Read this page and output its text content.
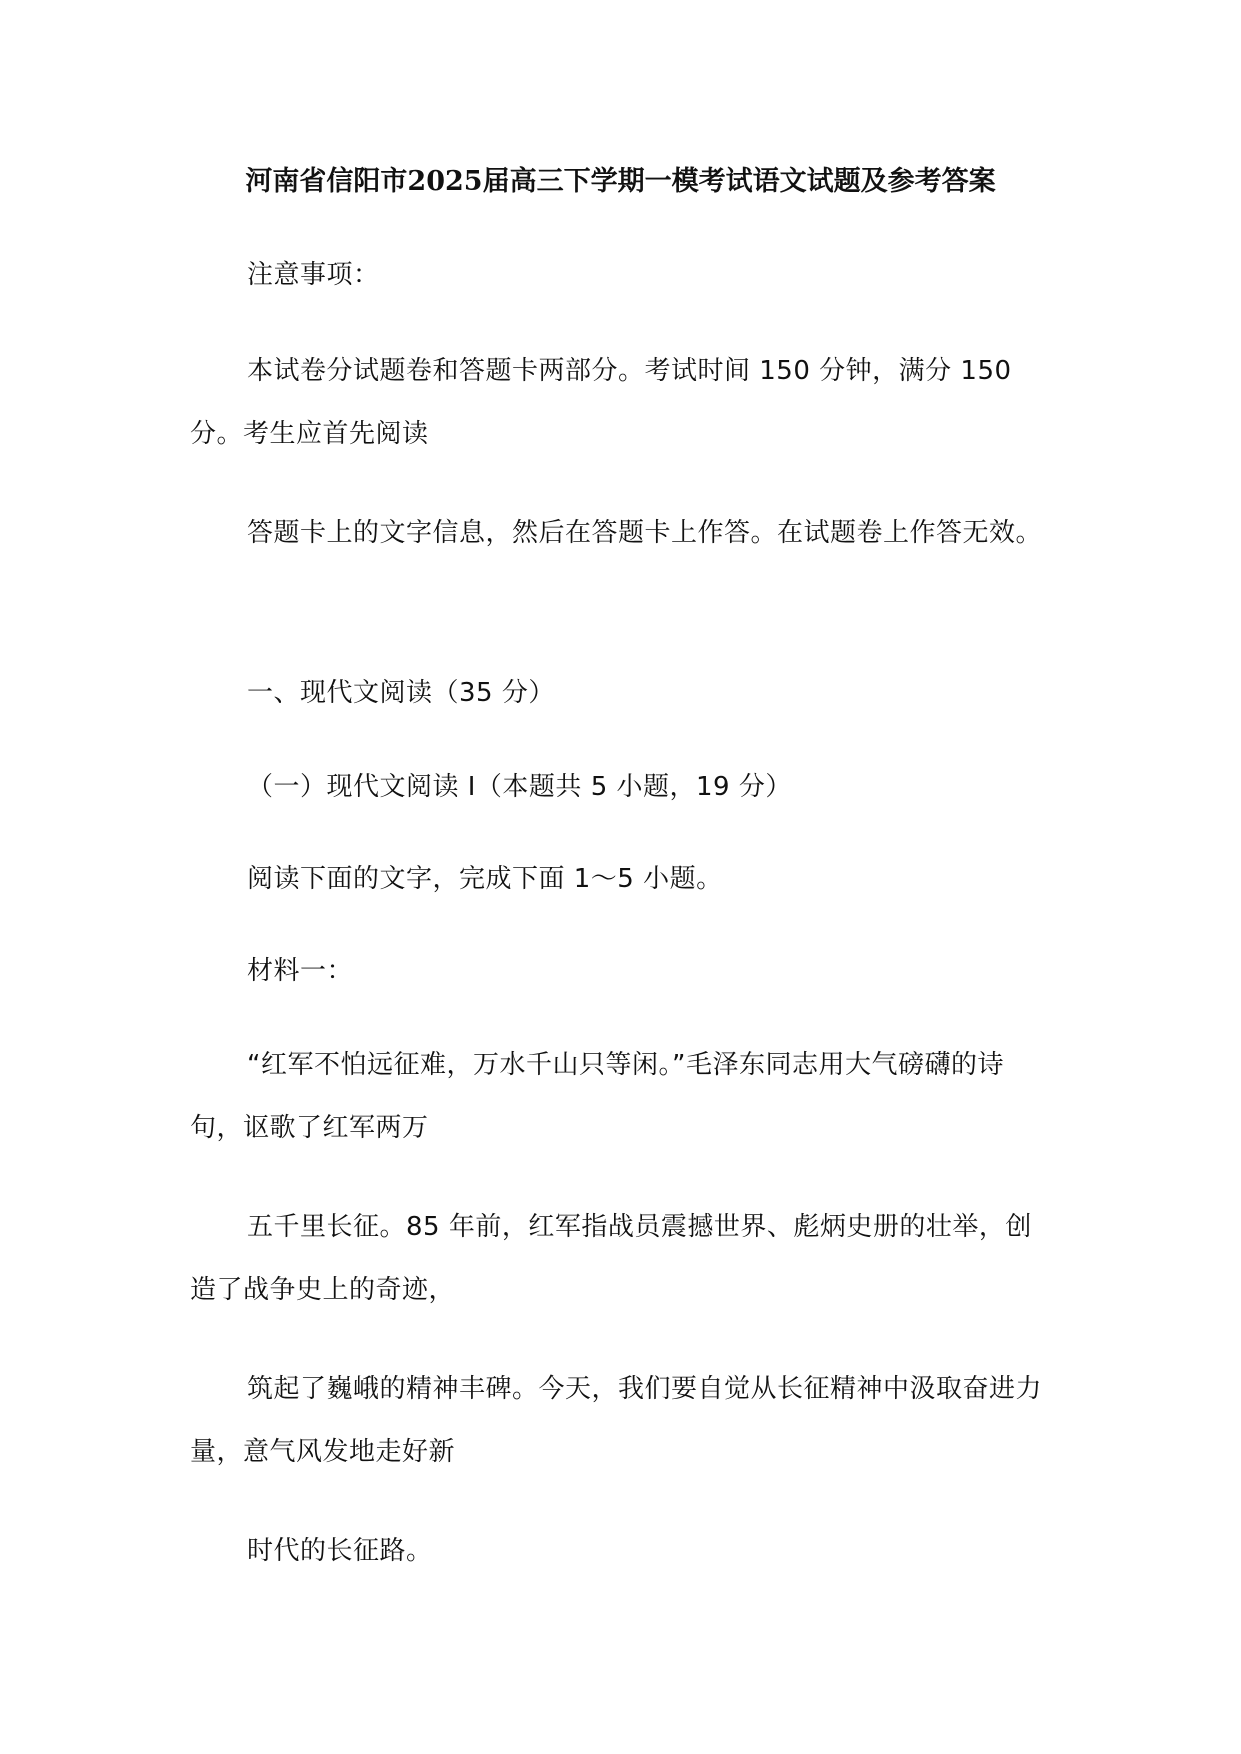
河南省信阳市2025届高三下学期一模考试语文试题及参考答案
注意事项：
本试卷分试题卷和答题卡两部分。考试时间 150 分钟，满分 150 分。考生应首先阅读
答题卡上的文字信息，然后在答题卡上作答。在试题卷上作答无效。
一、现代文阅读（35 分）
（一）现代文阅读 I（本题共 5 小题，19 分）
阅读下面的文字，完成下面 1～5 小题。
材料一：
“红军不怕远征难，万水千山只等闲。”毛泽东同志用大气磅礴的诗句，讴歌了红军两万
五千里长征。85 年前，红军指战员震撼世界、彪炳史册的壮举，创造了战争史上的奇迹，
筑起了巍峨的精神丰碑。今天，我们要自觉从长征精神中汲取奋进力量，意气风发地走好新
时代的长征路。
